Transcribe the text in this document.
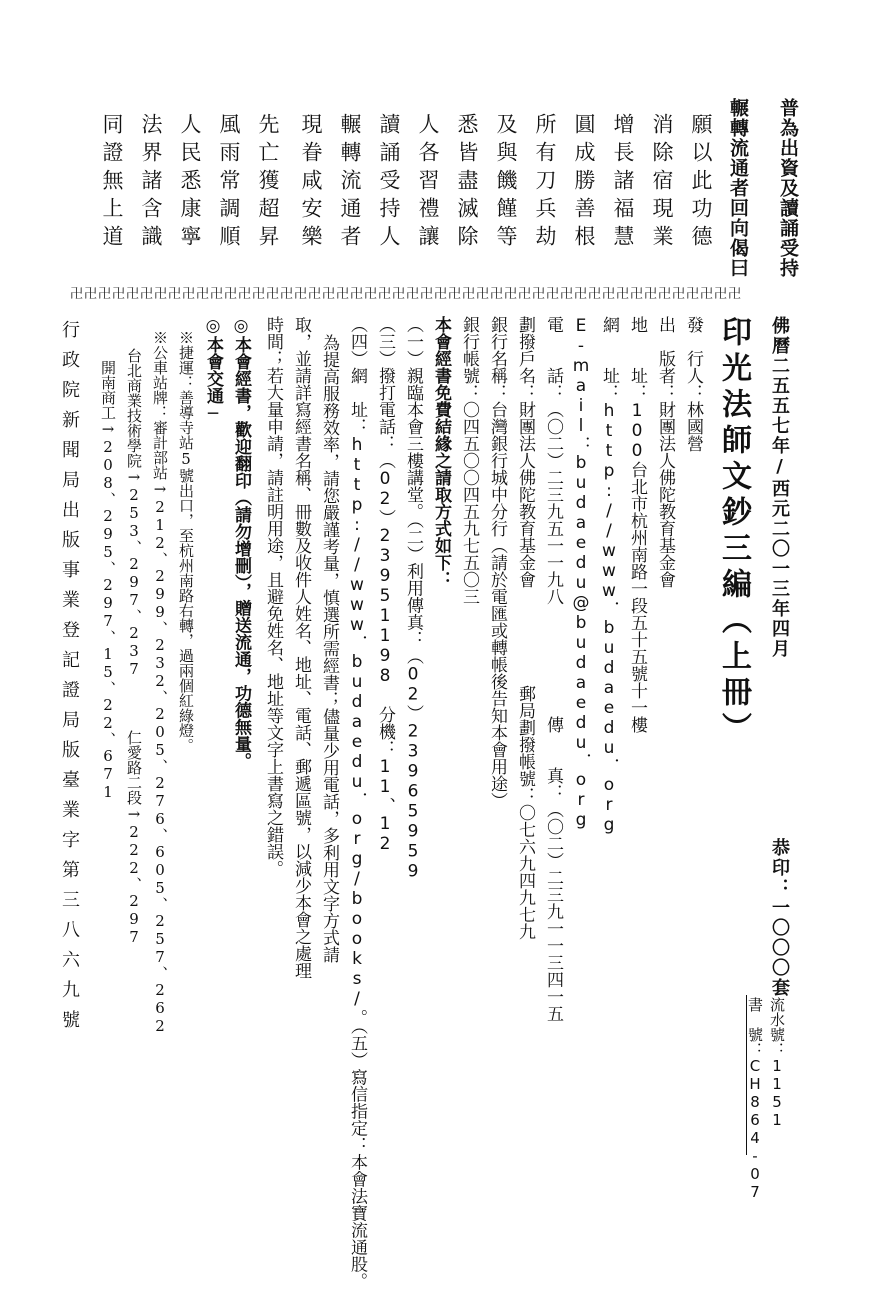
普為出資及讀誦受持
輾轉流通者回向偈曰
願以此功德
消除宿現業
增長諸福慧
圓成勝善根
所有刀兵劫
及與饑饉等
悉皆盡滅除
人各習禮讓
讀誦受持人
輾轉流通者
現眷咸安樂
先亡獲超昇
風雨常調順
人民悉康寧
法界諸含識
同證無上道
卍卍卍卍卍卍卍卍卍卍卍卍卍卍卍卍卍卍卍卍卍卍卍卍卍卍卍卍卍卍卍卍卍卍卍卍卍卍卍卍卍卍卍卍卍卍卍卍
佛曆二五五七年/西元二〇一三年四月
印光法師文鈔三編（上冊）
發　行人：林國營
出　版者：財團法人佛陀教育基金會
地　　址：100台北市杭州南路一段五十五號十一樓
網　　址：http://www．budaedu．org
E-mail：budaedu@budaedu．org
電　　話：（〇二）二三九五一一九八
傳　　真：（〇二）二三九一一三四一五
劃撥戶名：財團法人佛陀教育基金會
郵局劃撥帳號：〇七六九四九七九
銀行名稱：台灣銀行城中分行（請於電匯或轉帳後告知本會用途）
銀行帳號：〇四五〇〇四五九七五〇三
本會經書免費結緣之請取方式如下：
（一）親臨本會三樓講堂。（二）利用傳真：（02）23965959
（三）撥打電話：（02）23951198 分機：11、12
（四）網　址：http://www．budaedu．org/books/。（五）寫信指定：本會法寶流通股。
為提高服務效率，請您嚴謹考量，慎選所需經書；儘量少用電話，多利用文字方式請
取，並請詳寫經書名稱、冊數及收件人姓名、地址、電話、郵遞區號，以減少本會之處理
時間；若大量申請，請註明用途，且避免姓名、地址等文字上書寫之錯誤。
◎本會經書，歡迎翻印（請勿增刪），贈送流通，功德無量。
◎本會交通─
※捷運：善導寺站5號出口，至杭州南路右轉，過兩個紅綠燈。
※公車站牌：審計部站→212、299、232、205、276、605、257、262
台北商業技術學院→253、297、237
仁愛路二段→222、297
開南商工→208、295、297、15、22、671
行政院新聞局出版事業登記證局版臺業字第三八六九號	恭印：一〇〇〇套
流水號：1151
書　號：CH864-07
